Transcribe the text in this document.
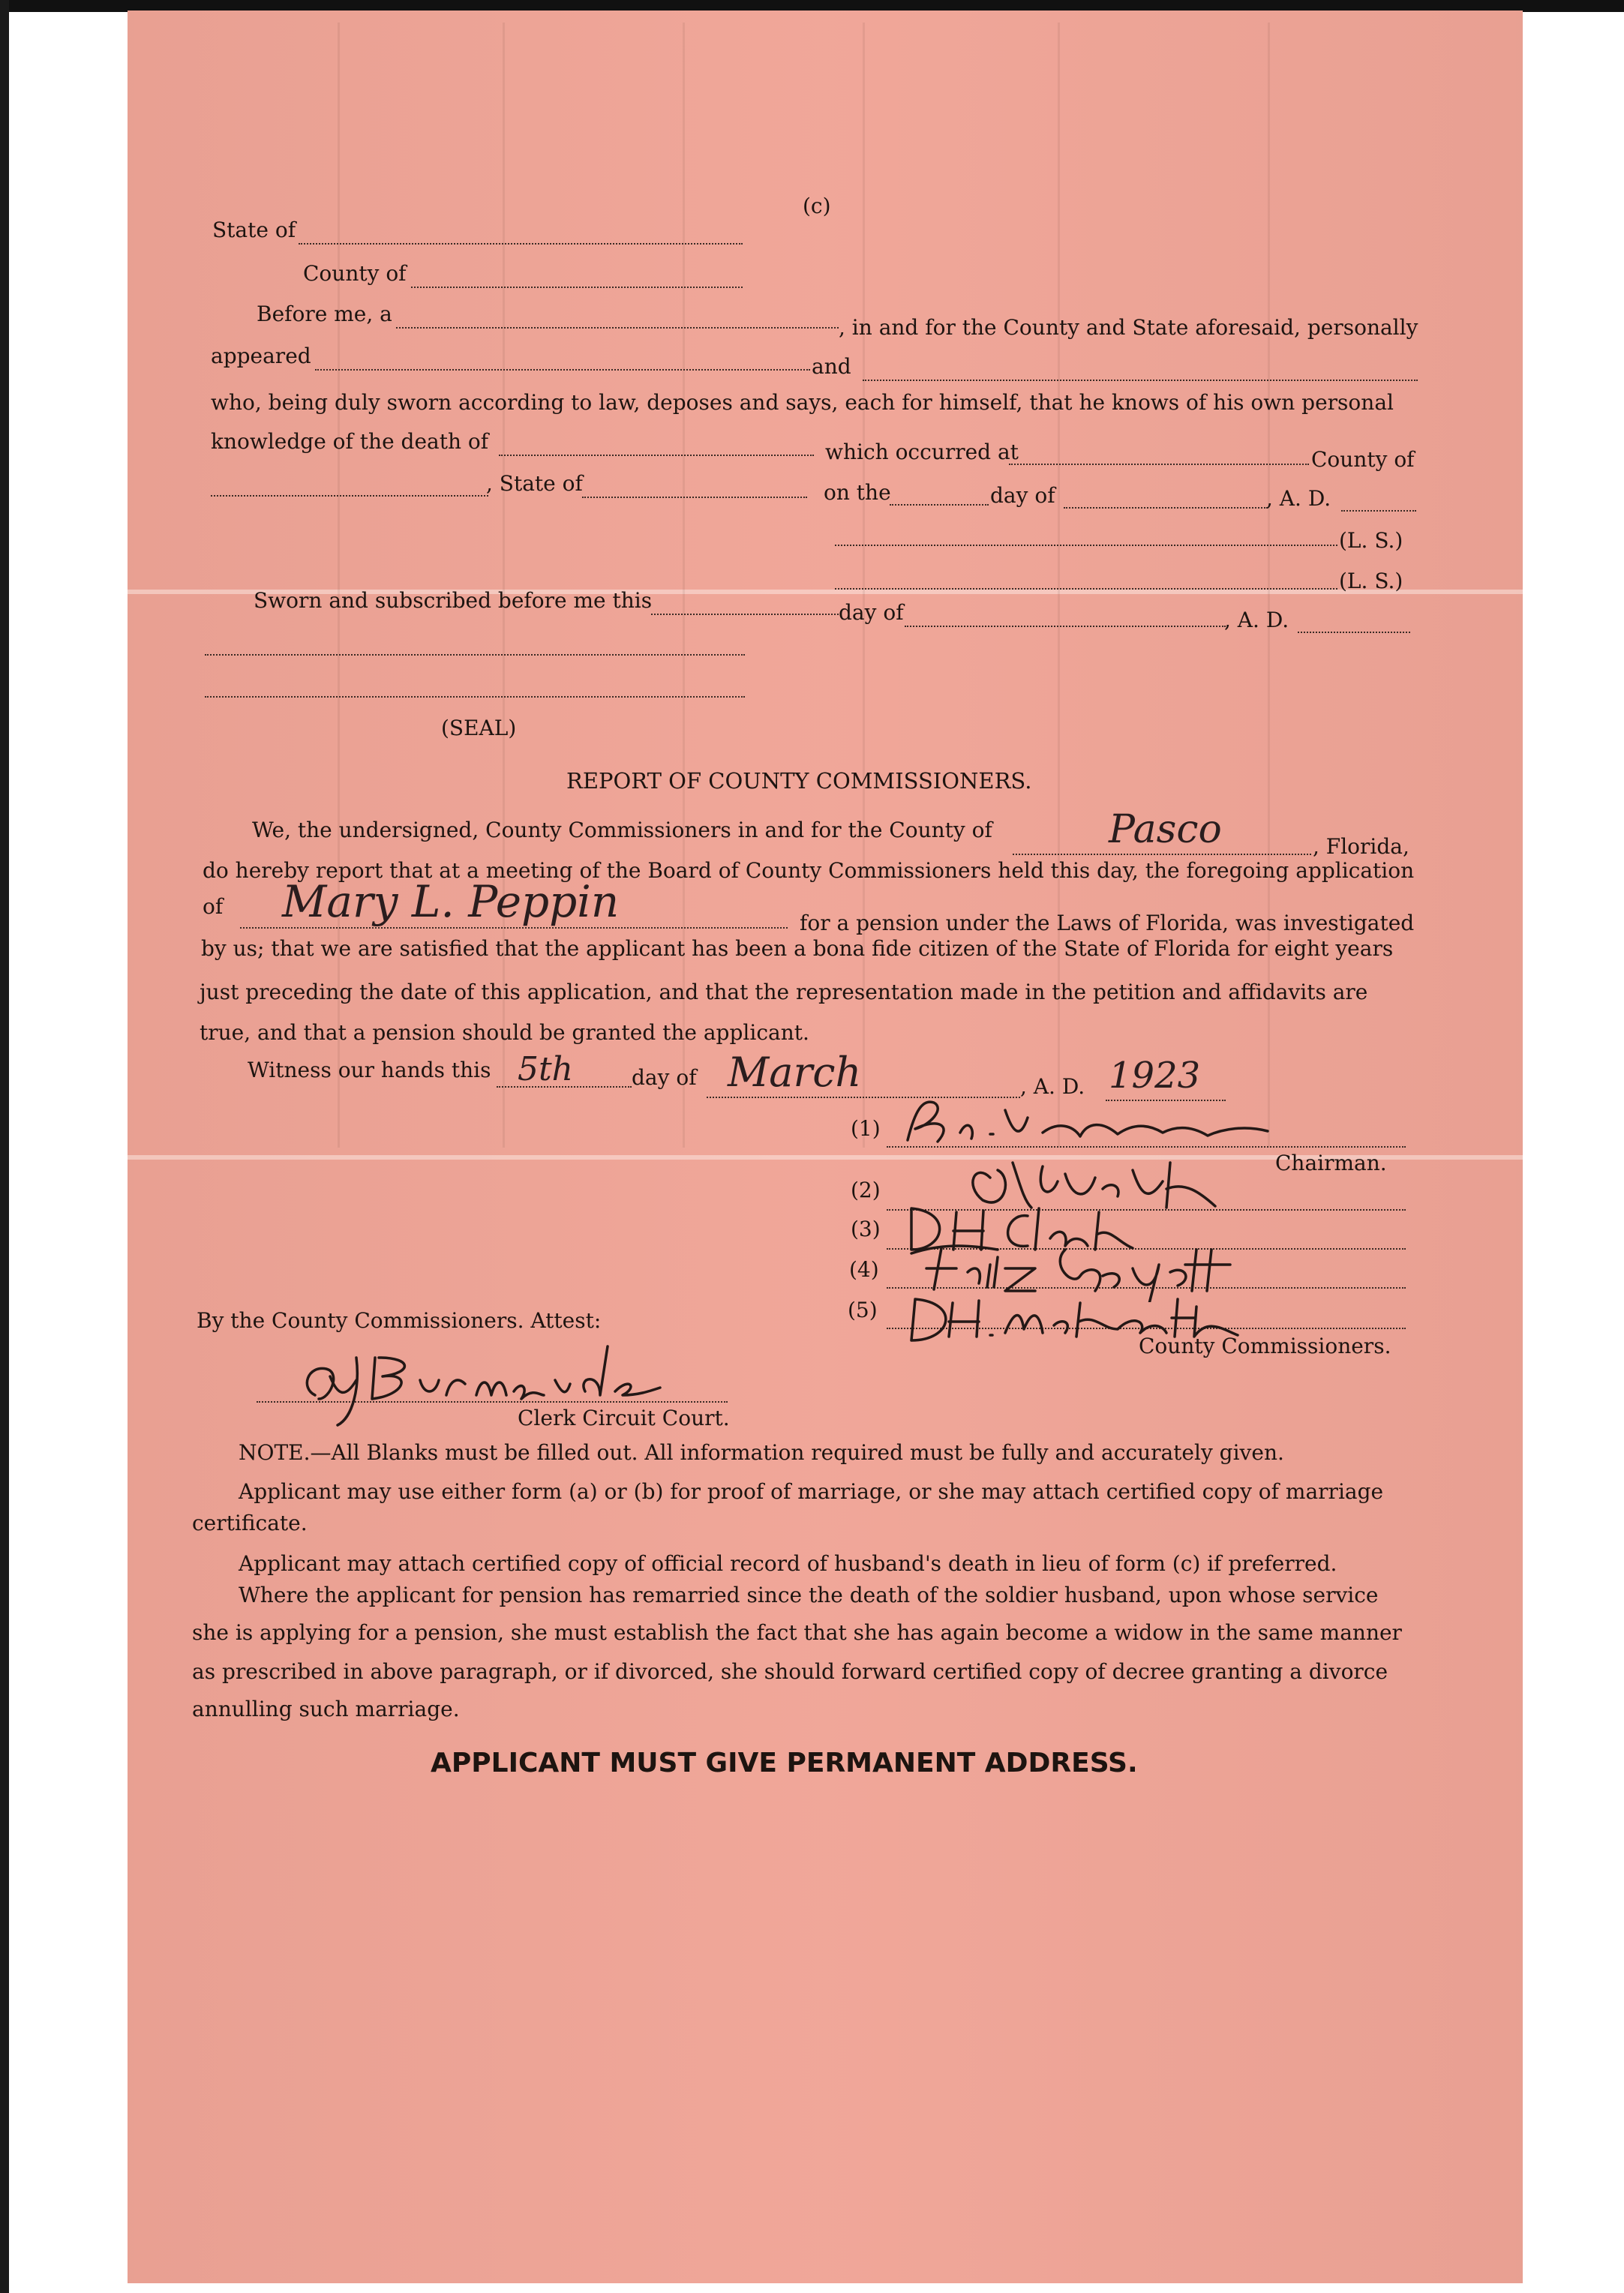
(c)
State of
County of
Before me, a
, in and for the County and State aforesaid, personally
appeared	and
who, being duly sworn according to law, deposes and says, each for himself, that he knows of his own personal
knowledge of the death of	which occurred at	County of
, State of	on the	day of	, A. D.
(L. S.)
(L. S.)
Sworn and subscribed before me this	day of	, A. D.
(SEAL)
REPORT OF COUNTY COMMISSIONERS.
We, the undersigned, County Commissioners in and for the County of	Pasco	, Florida,
do hereby report that at a meeting of the Board of County Commissioners held this day, the foregoing application
of Mary L. Peppin	for a pension under the Laws of Florida, was investigated
by us; that we are satisfied that the applicant has been a bona fide citizen of the State of Florida for eight years
just preceding the date of this application, and that the representation made in the petition and affidavits are
true, and that a pension should be granted the applicant.
Witness our hands this 5th	day of March	, A. D. 1923
(1)
Chairman.
(2)
(3)
(4)
(5)
County Commissioners.
By the County Commissioners. Attest:
Clerk Circuit Court.
NOTE.—All Blanks must be filled out. All information required must be fully and accurately given.
Applicant may use either form (a) or (b) for proof of marriage, or she may attach certified copy of marriage
certificate.
Applicant may attach certified copy of official record of husband's death in lieu of form (c) if preferred.
Where the applicant for pension has remarried since the death of the soldier husband, upon whose service
she is applying for a pension, she must establish the fact that she has again become a widow in the same manner
as prescribed in above paragraph, or if divorced, she should forward certified copy of decree granting a divorce
annulling such marriage.
APPLICANT MUST GIVE PERMANENT ADDRESS.
